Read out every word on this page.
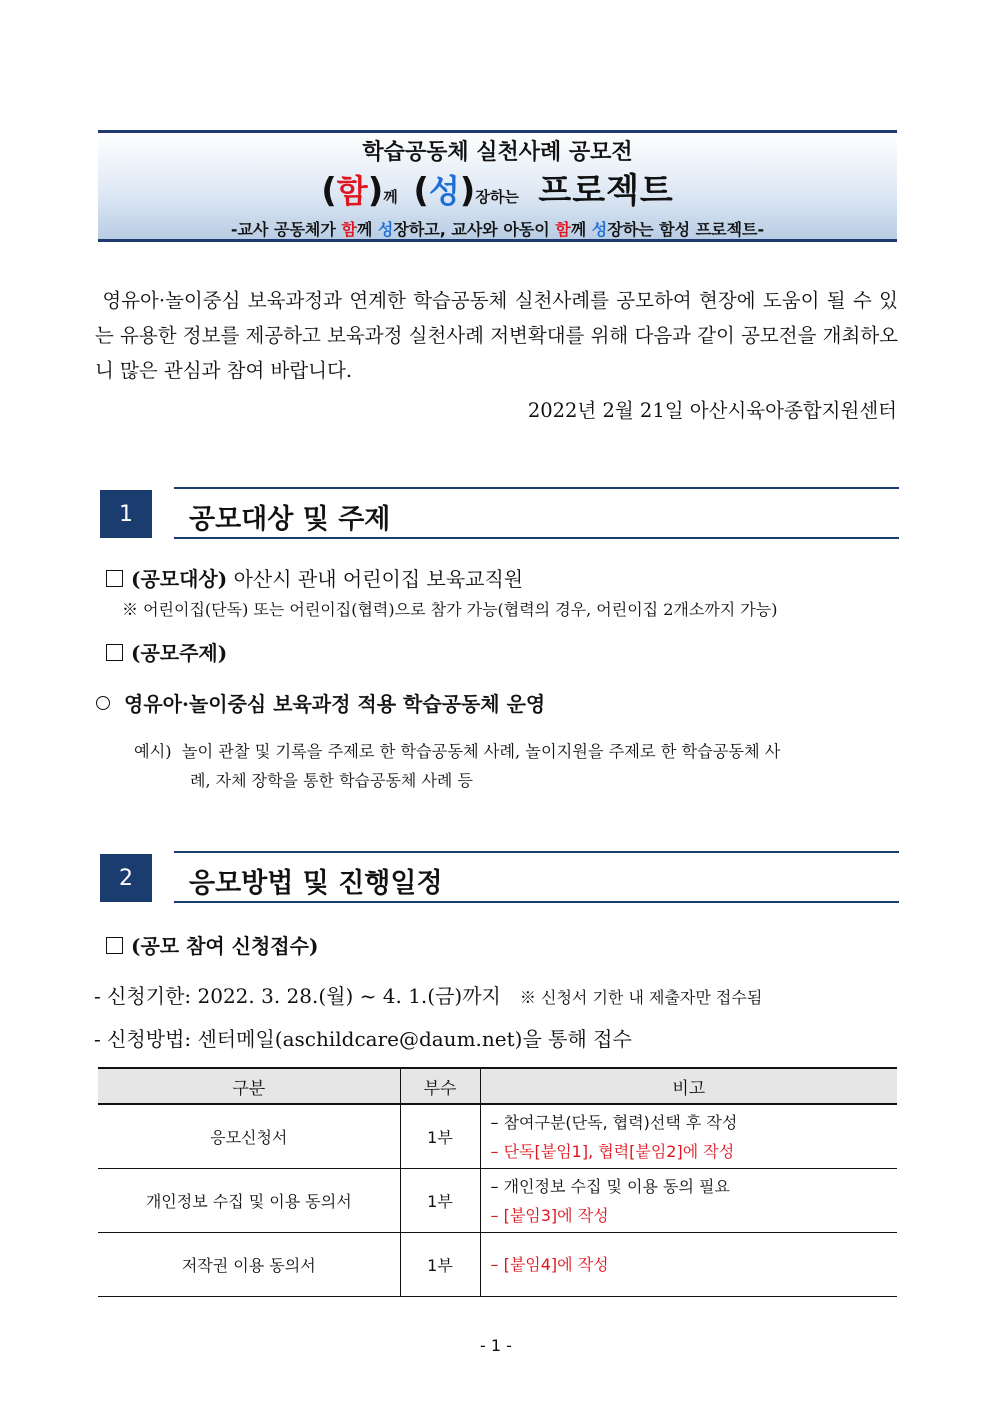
학습공동체 실천사례 공모전
(함)께 (성)장하는 프로젝트
-교사 공동체가 함께 성장하고, 교사와 아동이 함께 성장하는 함성 프로젝트-
영유아·놀이중심 보육과정과 연계한 학습공동체 실천사례를 공모하여 현장에 도움이 될 수 있는 유용한 정보를 제공하고 보육과정 실천사례 저변확대를 위해 다음과 같이 공모전을 개최하오니 많은 관심과 참여 바랍니다.
2022년 2월 21일 아산시육아종합지원센터
1	공모대상 및 주제
(공모대상) 아산시 관내 어린이집 보육교직원
※ 어린이집(단독) 또는 어린이집(협력)으로 참가 가능(협력의 경우, 어린이집 2개소까지 가능)
(공모주제)
영유아·놀이중심 보육과정 적용 학습공동체 운영
예시) 놀이 관찰 및 기록을 주제로 한 학습공동체 사례, 놀이지원을 주제로 한 학습공동체 사
례, 자체 장학을 통한 학습공동체 사례 등
2	응모방법 및 진행일정
(공모 참여 신청접수)
- 신청기한: 2022. 3. 28.(월) ~ 4. 1.(금)까지 ※ 신청서 기한 내 제출자만 접수됨
- 신청방법: 센터메일(aschildcare@daum.net)을 통해 접수
구분	부수	비고
응모신청서	1부	– 참여구분(단독, 협력)선택 후 작성
– 단독[붙임1], 협력[붙임2]에 작성

개인정보 수집 및 이용 동의서	1부	– 개인정보 수집 및 이용 동의 필요
– [붙임3]에 작성

저작권 이용 동의서	1부	– [붙임4]에 작성
- 1 -
